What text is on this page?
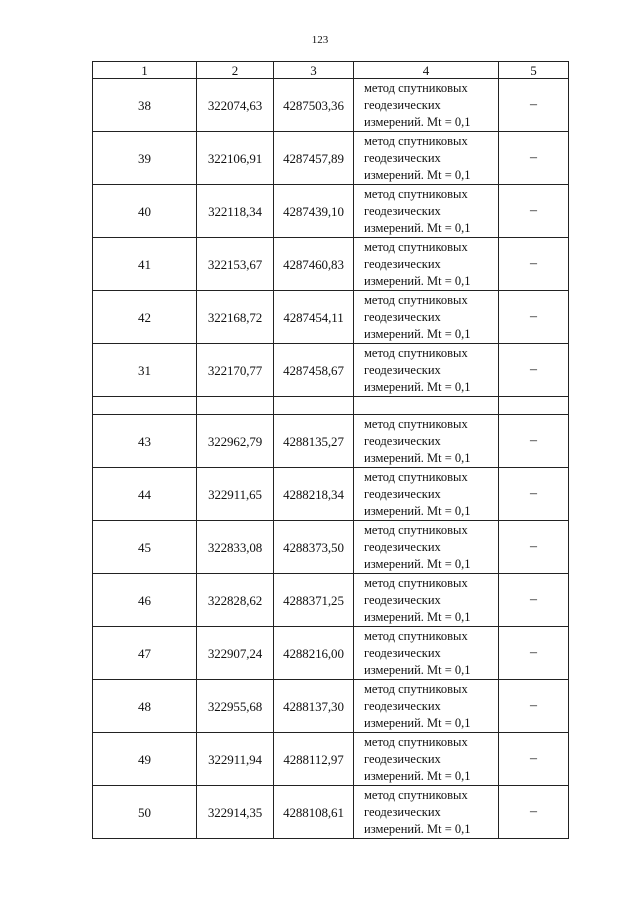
123
1	2	3	4	5
38	322074,63	4287503,36	метод спутниковых
геодезических
измерений. Mt = 0,1	–
39	322106,91	4287457,89	метод спутниковых
геодезических
измерений. Mt = 0,1	–
40	322118,34	4287439,10	метод спутниковых
геодезических
измерений. Mt = 0,1	–
41	322153,67	4287460,83	метод спутниковых
геодезических
измерений. Mt = 0,1	–
42	322168,72	4287454,11	метод спутниковых
геодезических
измерений. Mt = 0,1	–
31	322170,77	4287458,67	метод спутниковых
геодезических
измерений. Mt = 0,1	–

43	322962,79	4288135,27	метод спутниковых
геодезических
измерений. Mt = 0,1	–
44	322911,65	4288218,34	метод спутниковых
геодезических
измерений. Mt = 0,1	–
45	322833,08	4288373,50	метод спутниковых
геодезических
измерений. Mt = 0,1	–
46	322828,62	4288371,25	метод спутниковых
геодезических
измерений. Mt = 0,1	–
47	322907,24	4288216,00	метод спутниковых
геодезических
измерений. Mt = 0,1	–
48	322955,68	4288137,30	метод спутниковых
геодезических
измерений. Mt = 0,1	–
49	322911,94	4288112,97	метод спутниковых
геодезических
измерений. Mt = 0,1	–
50	322914,35	4288108,61	метод спутниковых
геодезических
измерений. Mt = 0,1	–
